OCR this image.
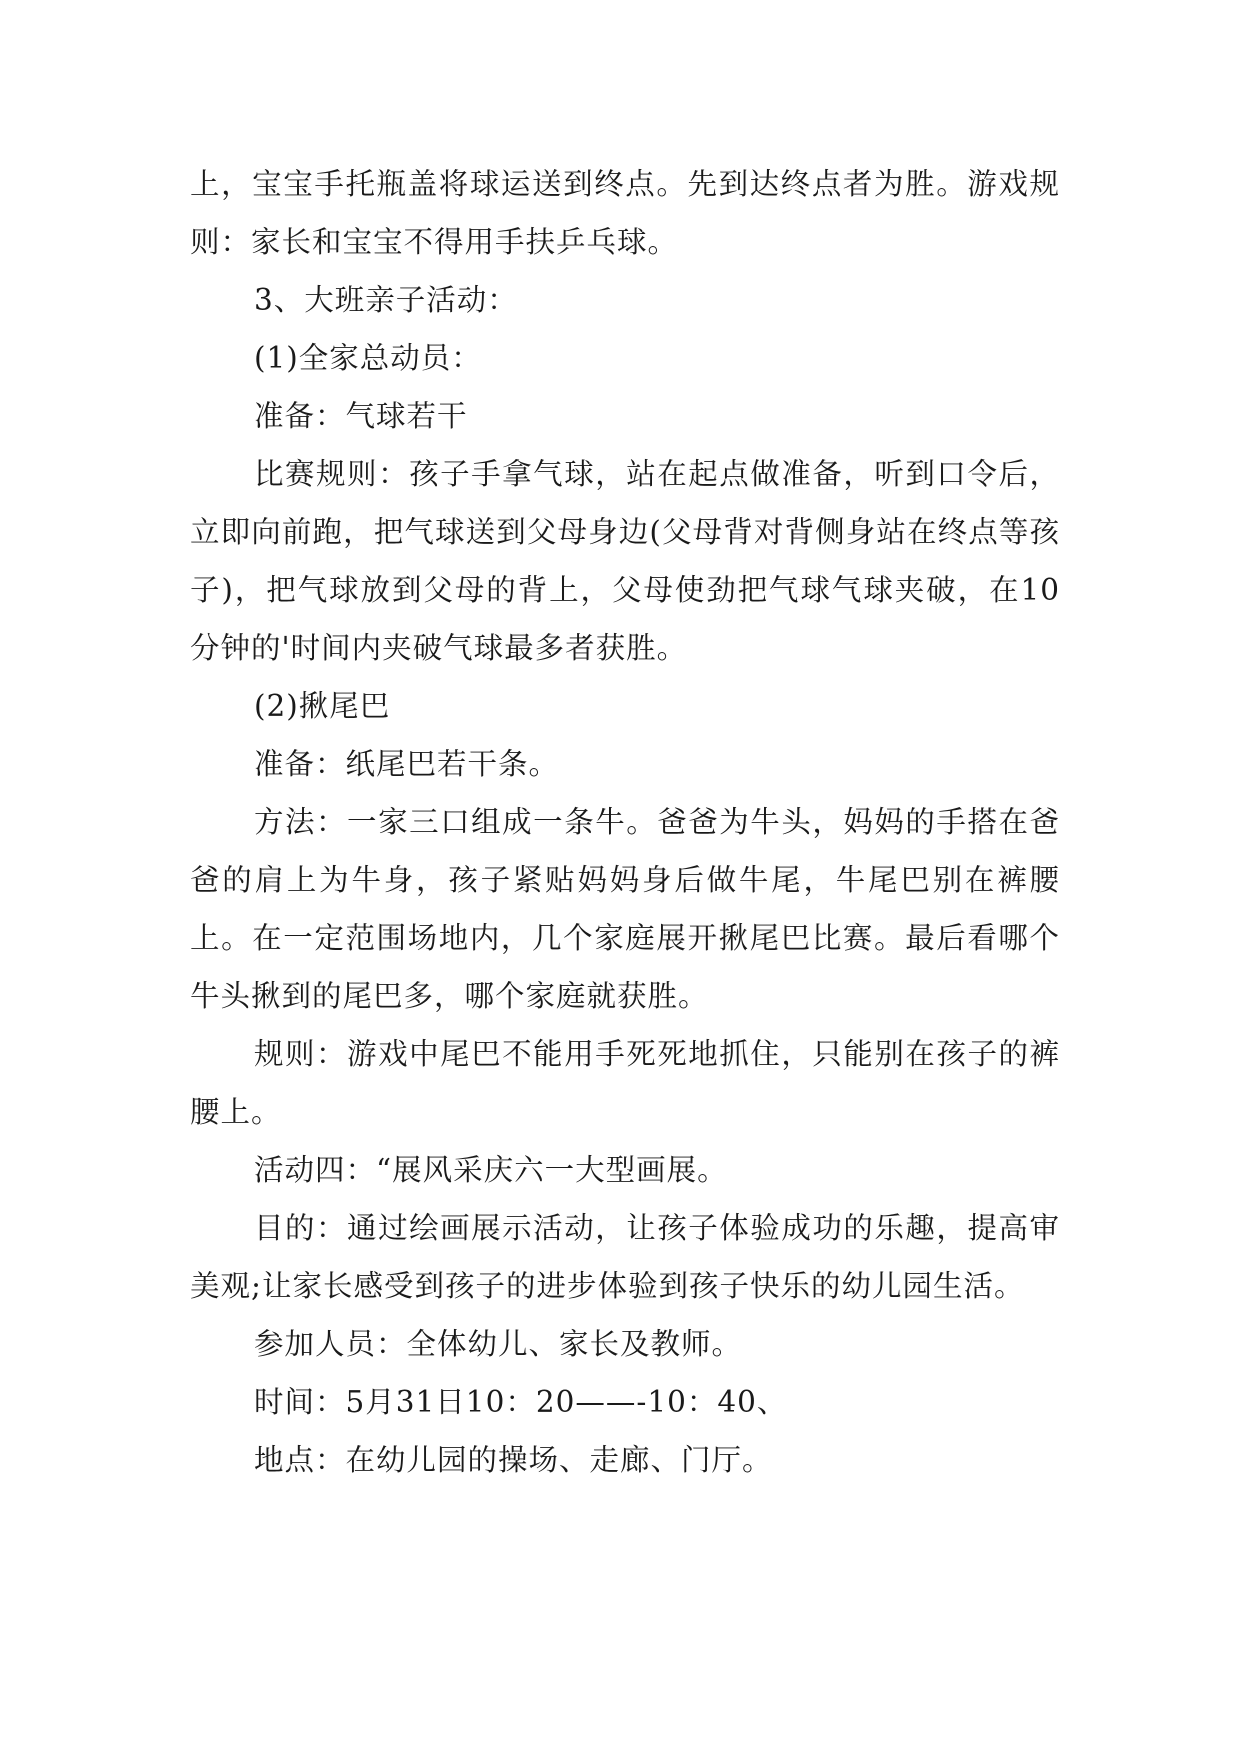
上，宝宝手托瓶盖将球运送到终点。先到达终点者为胜。游戏规则：家长和宝宝不得用手扶乒乓球。

3、大班亲子活动：

(1)全家总动员：

准备：气球若干

比赛规则：孩子手拿气球，站在起点做准备，听到口令后，立即向前跑，把气球送到父母身边(父母背对背侧身站在终点等孩子)，把气球放到父母的背上，父母使劲把气球气球夹破，在10分钟的'时间内夹破气球最多者获胜。

(2)揪尾巴

准备：纸尾巴若干条。

方法：一家三口组成一条牛。爸爸为牛头，妈妈的手搭在爸爸的肩上为牛身，孩子紧贴妈妈身后做牛尾，牛尾巴别在裤腰上。在一定范围场地内，几个家庭展开揪尾巴比赛。最后看哪个牛头揪到的尾巴多，哪个家庭就获胜。

规则：游戏中尾巴不能用手死死地抓住，只能别在孩子的裤腰上。

活动四：“展风采庆六一大型画展。

目的：通过绘画展示活动，让孩子体验成功的乐趣，提高审美观;让家长感受到孩子的进步体验到孩子快乐的幼儿园生活。

参加人员：全体幼儿、家长及教师。

时间：5月31日10：20——-10：40、

地点：在幼儿园的操场、走廊、门厅。
